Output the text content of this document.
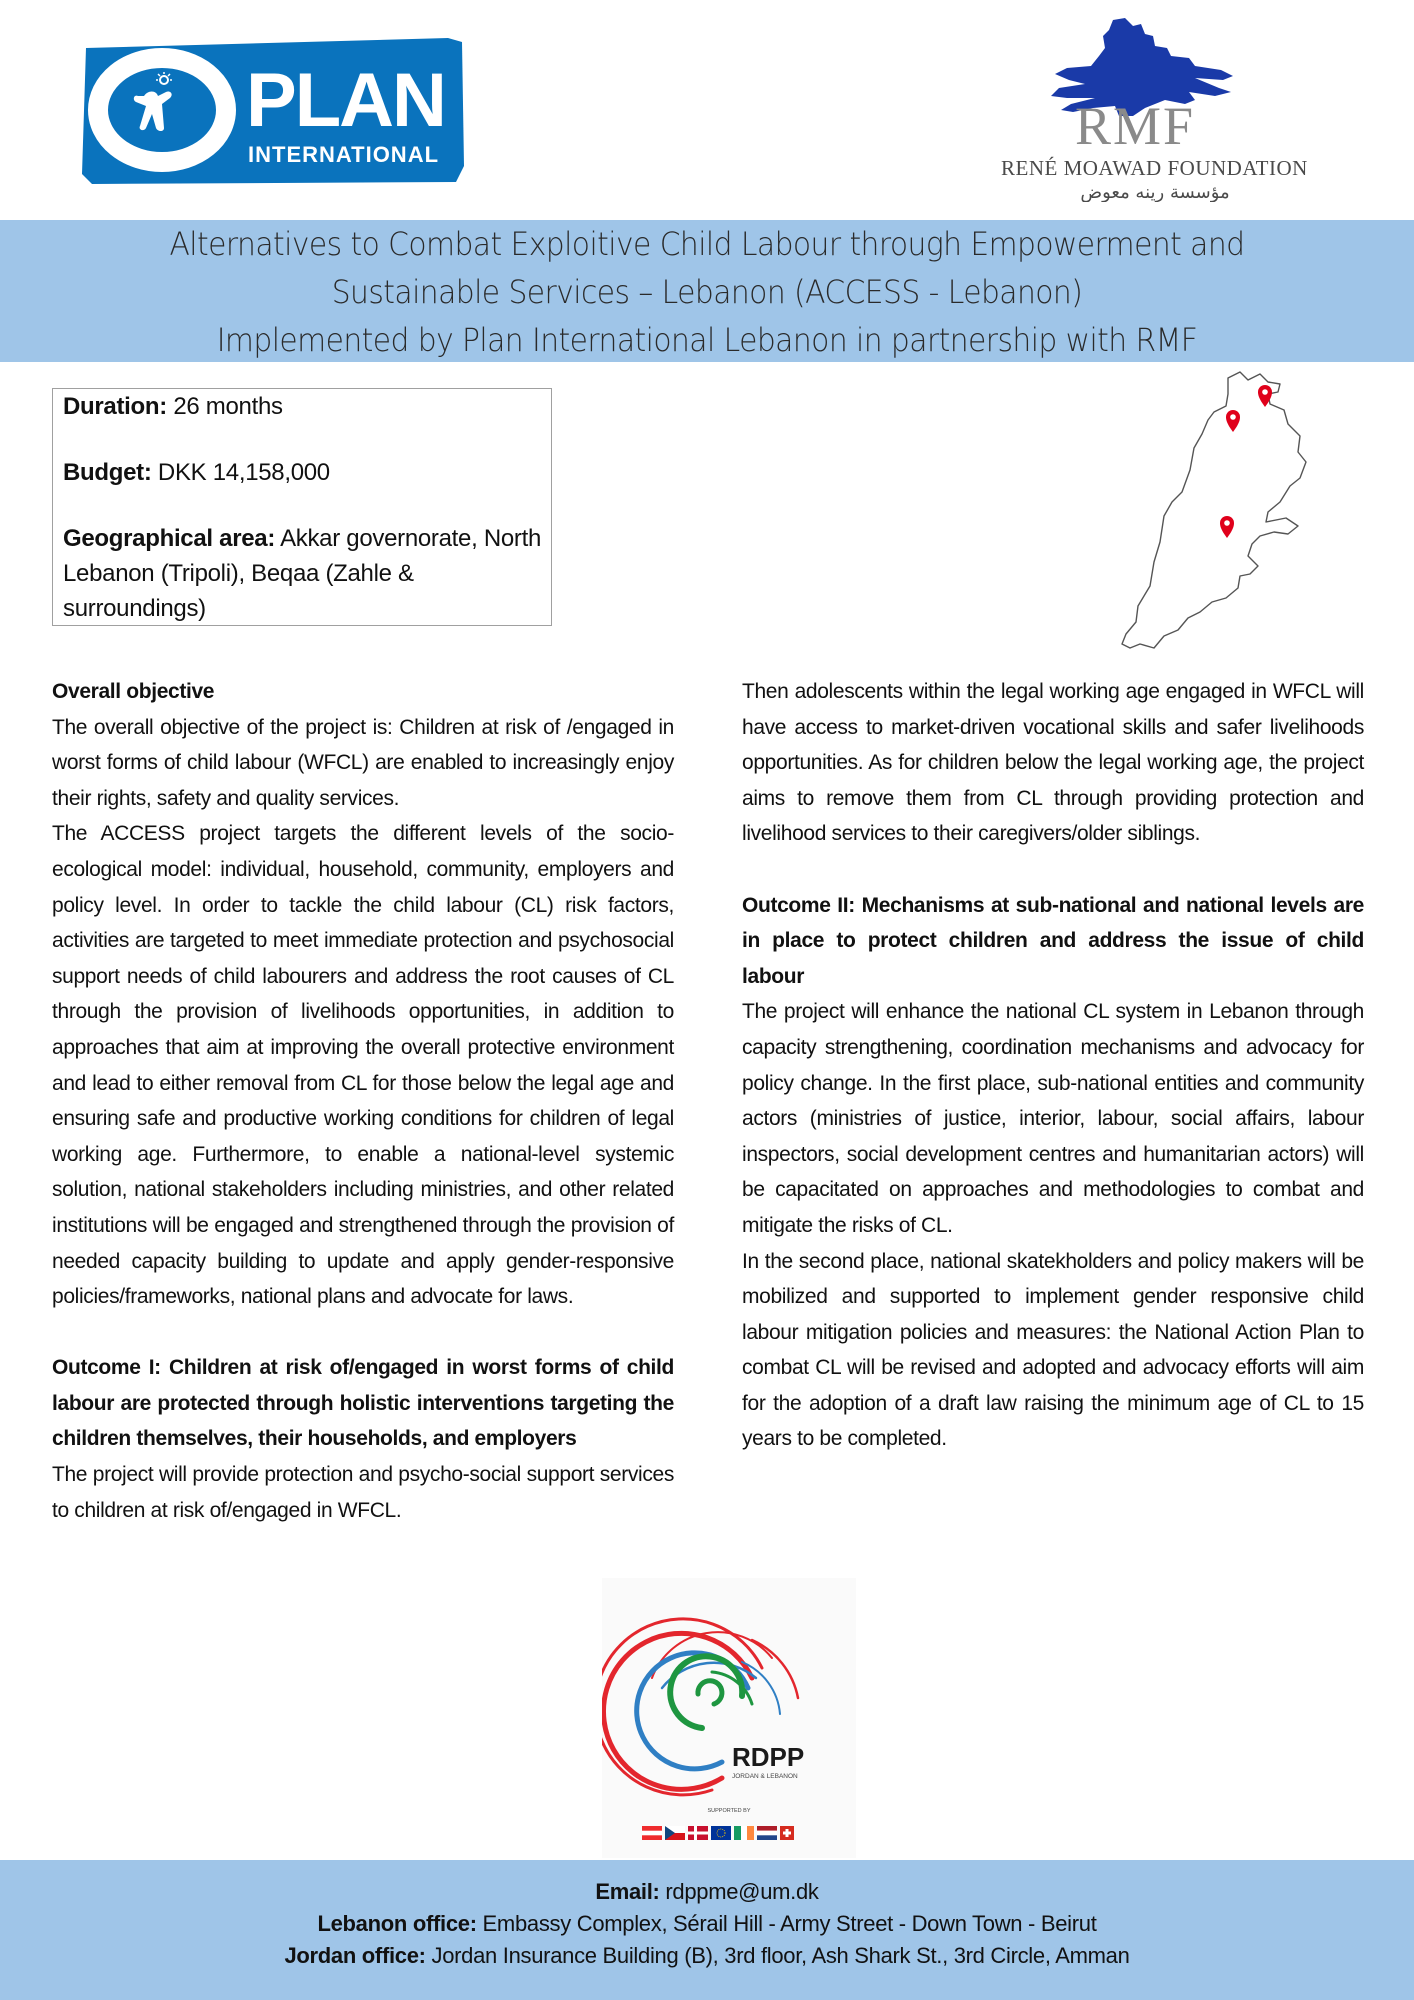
PLAN
INTERNATIONAL	RMF
RENÉ MOAWAD FOUNDATION
مؤسسة رينه معوض
Alternatives to Combat Exploitive Child Labour through Empowerment and
Sustainable Services – Lebanon (ACCESS - Lebanon)
Implemented by Plan International Lebanon in partnership with RMF

Duration: 26 months

Budget: DKK 14,158,000

Geographical area: Akkar governorate, North Lebanon (Tripoli), Beqaa (Zahle & surroundings)

Overall objective

The overall objective of the project is: Children at risk of /engaged in worst forms of child labour (WFCL) are enabled to increasingly enjoy their rights, safety and quality services.

The ACCESS project targets the different levels of the socio-ecological model: individual, household, community, employers and policy level. In order to tackle the child labour (CL) risk factors, activities are targeted to meet immediate protection and psychosocial support needs of child labourers and address the root causes of CL through the provision of livelihoods opportunities, in addition to approaches that aim at improving the overall protective environment and lead to either removal from CL for those below the legal age and ensuring safe and productive working conditions for children of legal working age. Furthermore, to enable a national-level systemic solution, national stakeholders including ministries, and other related institutions will be engaged and strengthened through the provision of needed capacity building to update and apply gender-responsive policies/frameworks, national plans and advocate for laws.

Outcome I: Children at risk of/engaged in worst forms of child labour are protected through holistic interventions targeting the children themselves, their households, and employers

The project will provide protection and psycho-social support services to children at risk of/engaged in WFCL.

Then adolescents within the legal working age engaged in WFCL will have access to market-driven vocational skills and safer livelihoods opportunities. As for children below the legal working age, the project aims to remove them from CL through providing protection and livelihood services to their caregivers/older siblings.

Outcome II: Mechanisms at sub-national and national levels are in place to protect children and address the issue of child labour

The project will enhance the national CL system in Lebanon through capacity strengthening, coordination mechanisms and advocacy for policy change. In the first place, sub-national entities and community actors (ministries of justice, interior, labour, social affairs, labour inspectors, social development centres and humanitarian actors) will be capacitated on approaches and methodologies to combat and mitigate the risks of CL.

In the second place, national skatekholders and policy makers will be mobilized and supported to implement gender responsive child labour mitigation policies and measures: the National Action Plan to combat CL will be revised and adopted and advocacy efforts will aim for the adoption of a draft law raising the minimum age of CL to 15 years to be completed.

RDPP
JORDAN & LEBANON
SUPPORTED BY
Email: rdppme@um.dk
Lebanon office: Embassy Complex, Sérail Hill - Army Street - Down Town - Beirut
Jordan office: Jordan Insurance Building (B), 3rd floor, Ash Shark St., 3rd Circle, Amman
